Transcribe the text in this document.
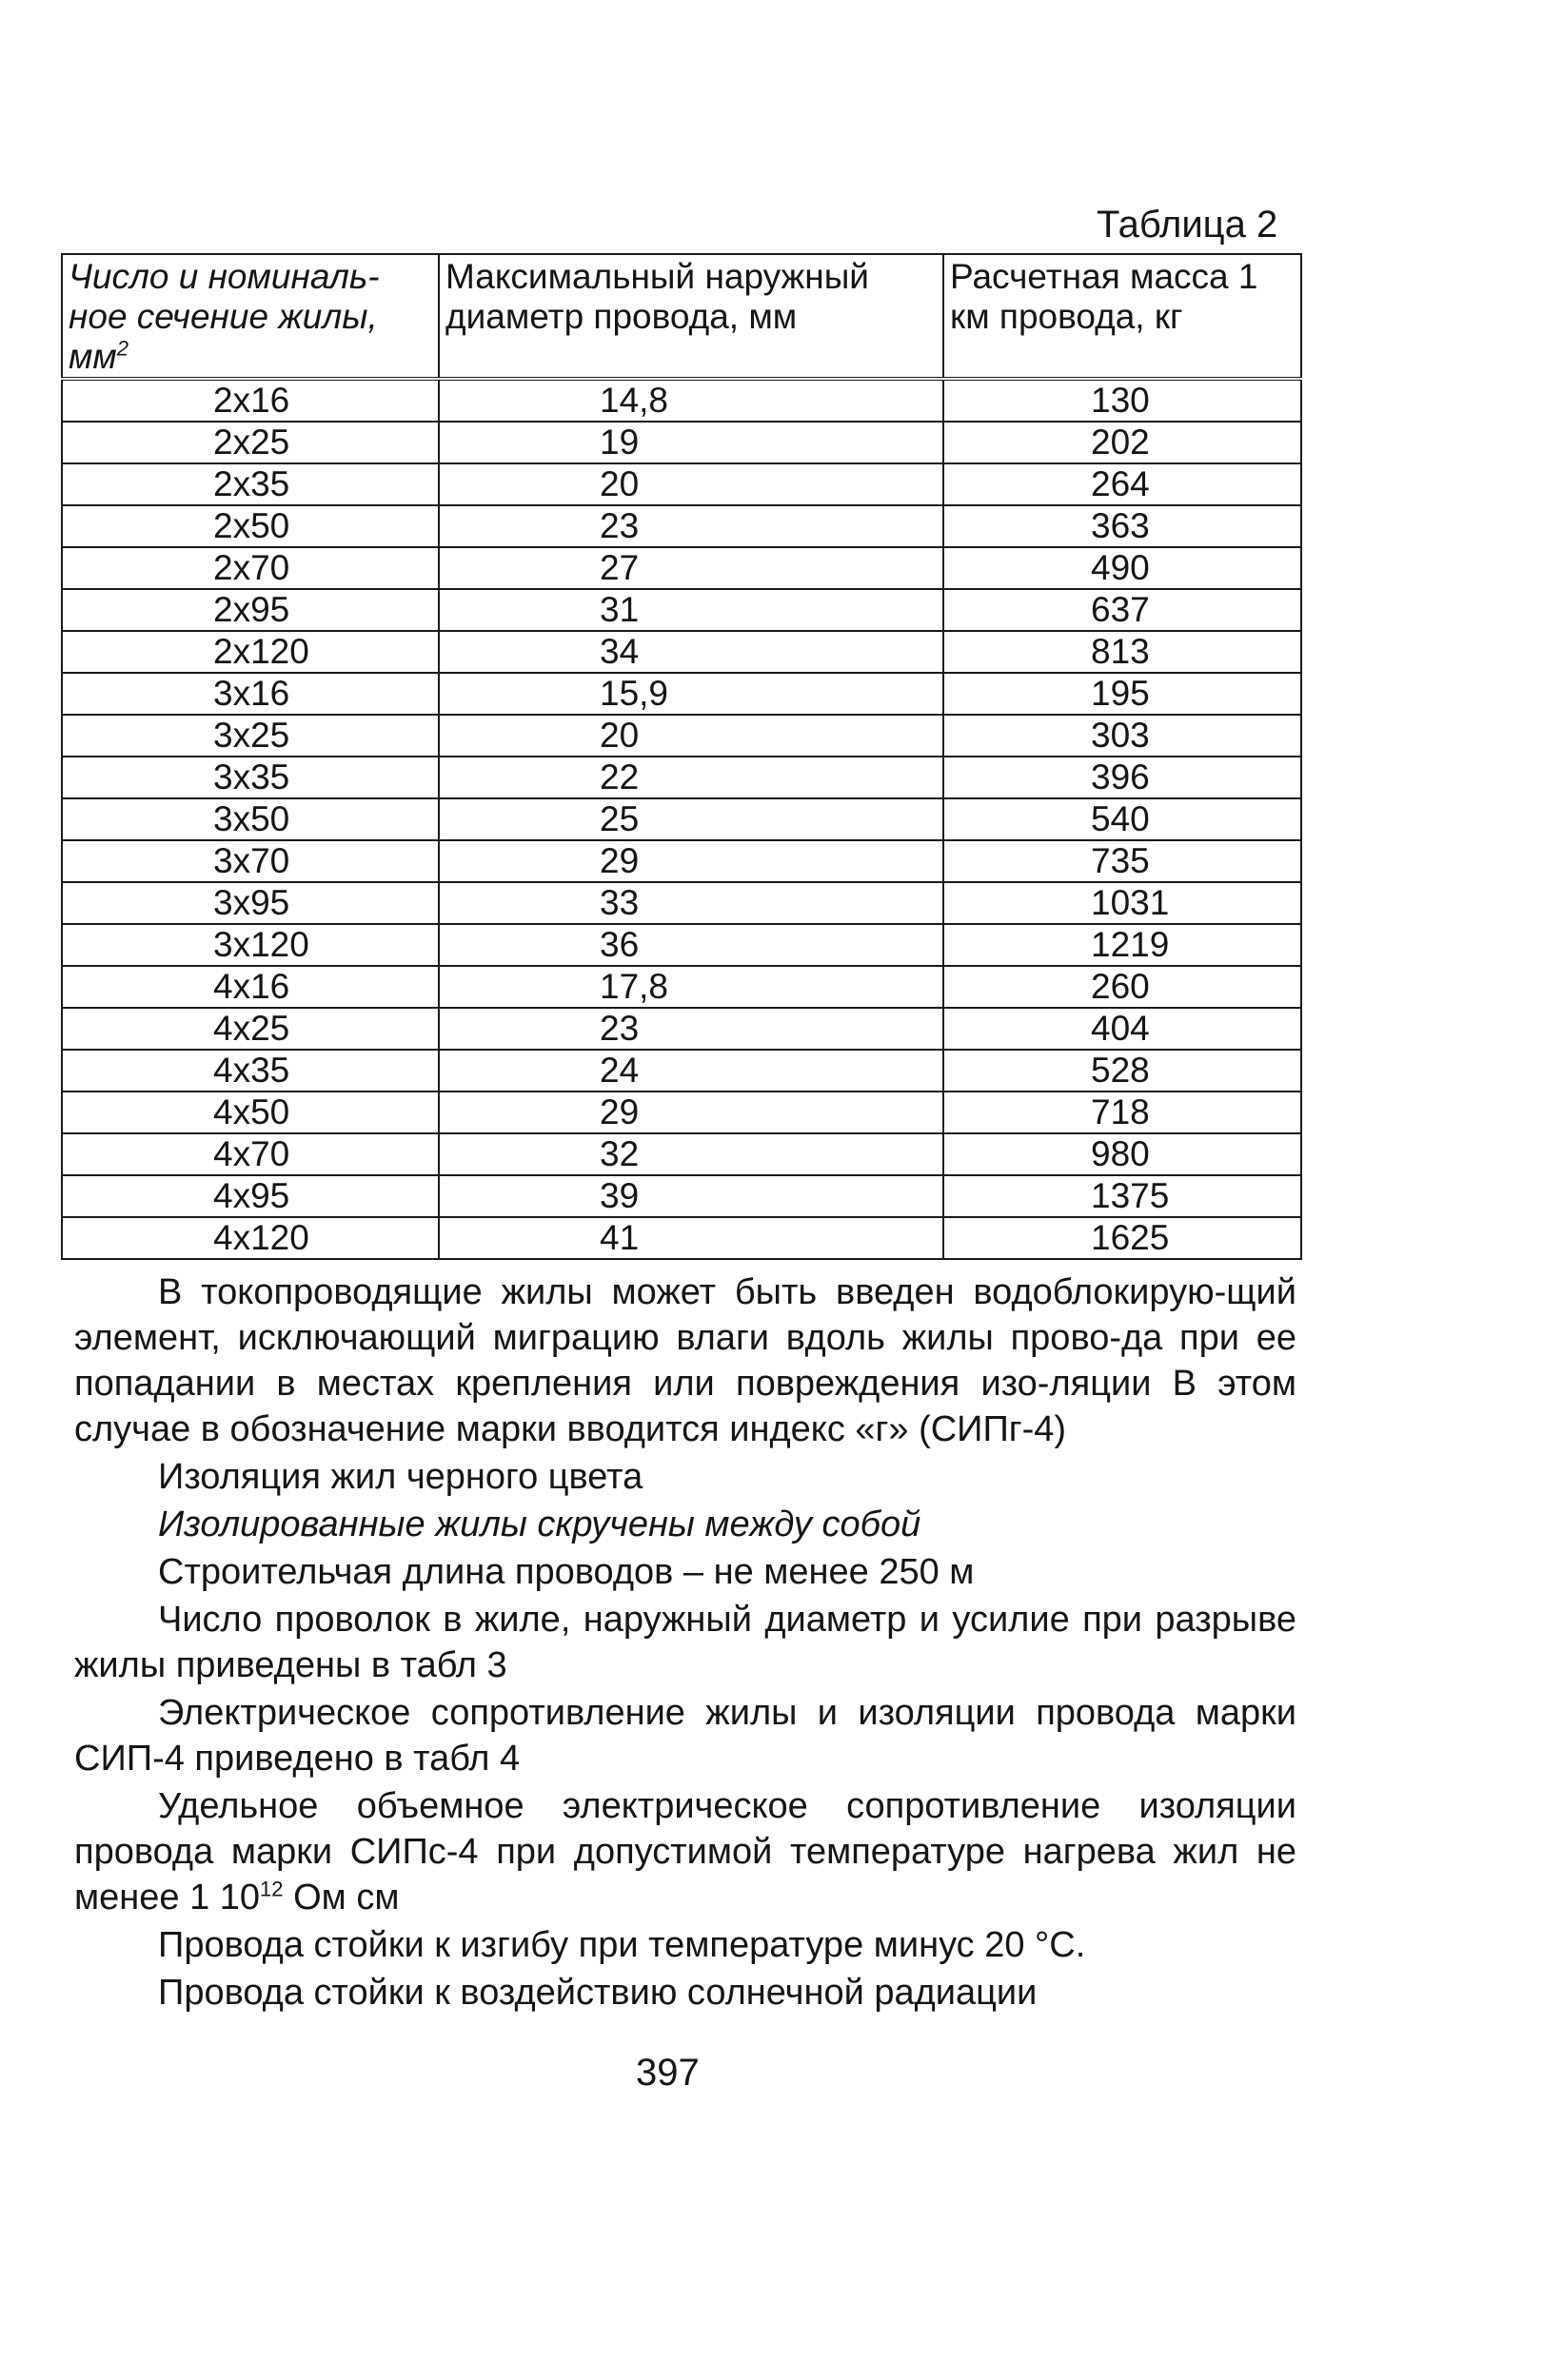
Таблица 2
Число и номиналь-ное сечение жилы, $мм^2$	Максимальный наружный диаметр провода, мм	Расчетная масса 1 км провода, кг
2х16	14,8	130
2х25	19	202
2х35	20	264
2х50	23	363
2х70	27	490
2х95	31	637
2х120	34	813
3х16	15,9	195
3х25	20	303
3х35	22	396
3х50	25	540
3х70	29	735
3х95	33	1031
3х120	36	1219
4х16	17,8	260
4х25	23	404
4х35	24	528
4х50	29	718
4х70	32	980
4х95	39	1375
4х120	41	1625

В токопроводящие жилы может быть введен водоблокирую-щий элемент, исключающий миграцию влаги вдоль жилы прово-да при ее попадании в местах крепления или повреждения изо-ляции В этом случае в обозначение марки вводится индекс «г» (СИПг-4)

Изоляция жил черного цвета

Изолированные жилы скручены между собой

Строительчая длина проводов – не менее 250 м

Число проволок в жиле, наружный диаметр и усилие при разрыве жилы приведены в табл 3

Электрическое сопротивление жилы и изоляции провода марки СИП-4 приведено в табл 4

Удельное объемное электрическое сопротивление изоляции провода марки СИПс-4 при допустимой температуре нагрева жил не менее 1 $10^{12}$ Ом см

Провода стойки к изгибу при температуре минус 20 °С.

Провода стойки к воздействию солнечной радиации

397
